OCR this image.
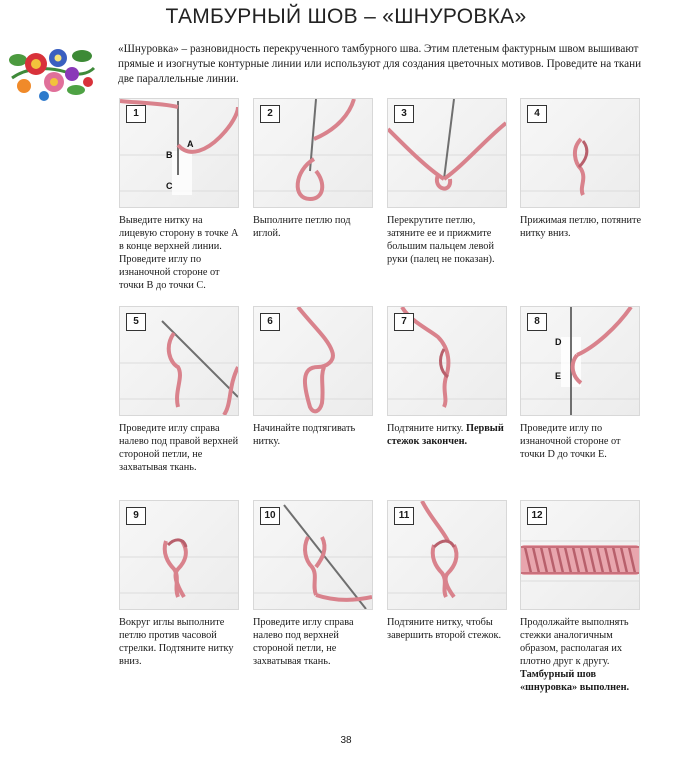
ТАМБУРНЫЙ ШОВ – «ШНУРОВКА»

«Шнуровка» – разновидность перекрученного тамбурного шва. Этим плетеным фактурным швом вышивают прямые и изогнутые контурные линии или используют для создания цветочных мотивов. Проведите на ткани две параллельные линии.

1
A
B
C

Выведите нитку на лицевую сторону в точке A в конце верхней линии. Проведите иглу по изнаночной стороне от точки B до точки C.

2

Выполните петлю под иглой.

3

Перекрутите петлю, затяните ее и прижмите большим пальцем левой руки (палец не показан).

4

Прижимая петлю, потяните нитку вниз.

5

Проведите иглу справа налево под правой верхней стороной петли, не захватывая ткань.

6

Начинайте подтягивать нитку.

7

Подтяните нитку. Первый стежок закончен.

8
D
E

Проведите иглу по изнаночной стороне от точки D до точки E.

9

Вокруг иглы выполните петлю против часовой стрелки. Подтяните нитку вниз.

10

Проведите иглу справа налево под верхней стороной петли, не захватывая ткань.

11

Подтяните нитку, чтобы завершить второй стежок.

12

Продолжайте выполнять стежки аналогичным образом, располагая их плотно друг к другу. Тамбурный шов «шнуровка» выполнен.

38
